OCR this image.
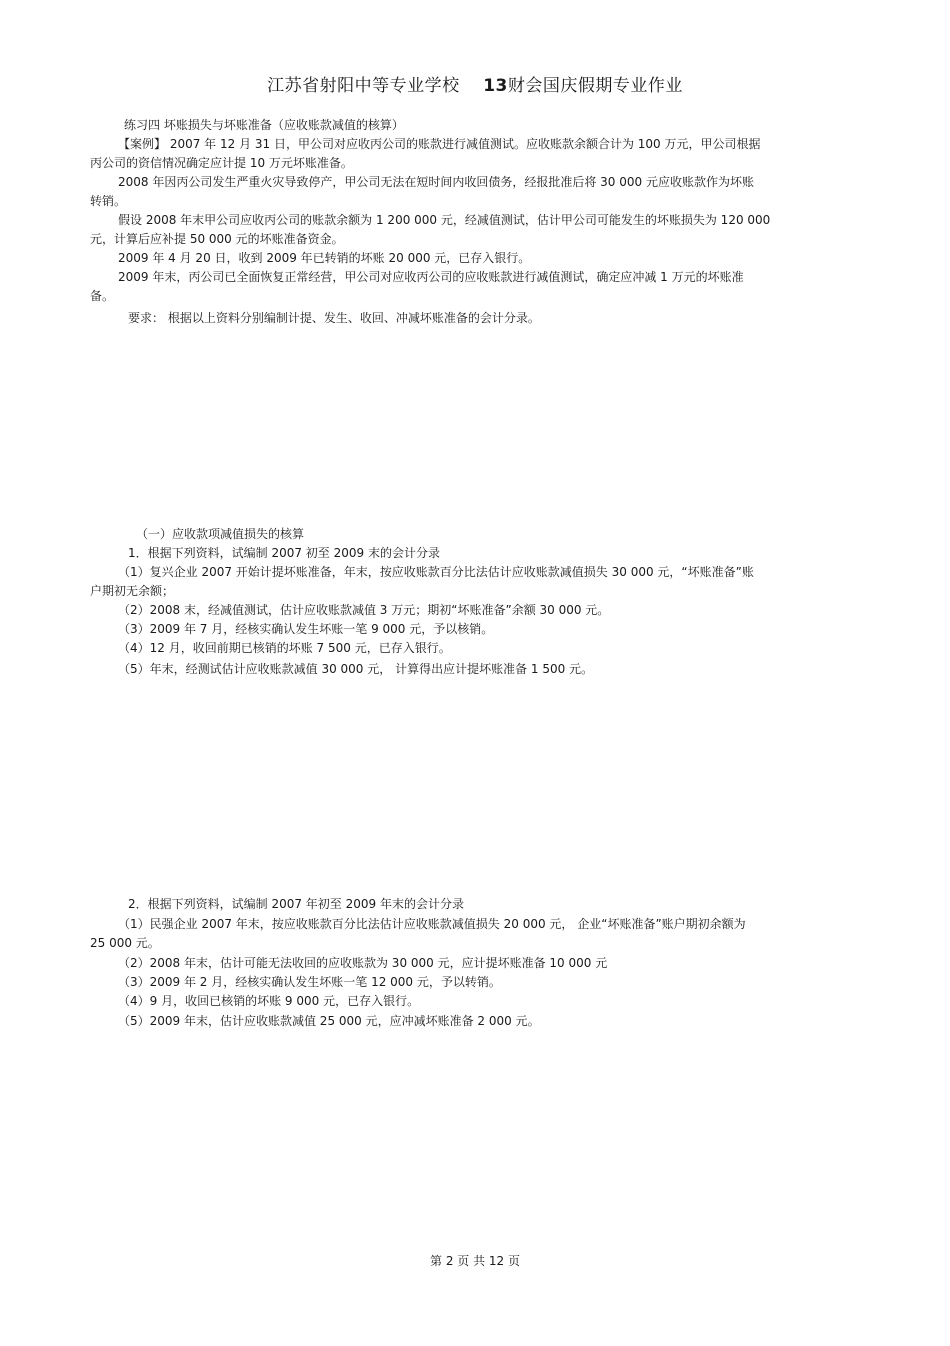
江苏省射阳中等专业学校 13财会国庆假期专业作业
练习四 坏账损失与坏账准备（应收账款减值的核算）
【案例】 2007 年 12 月 31 日，甲公司对应收丙公司的账款进行减值测试。应收账款余额合计为 100 万元，甲公司根据
丙公司的资信情况确定应计提 10 万元坏账准备。
2008 年因丙公司发生严重火灾导致停产，甲公司无法在短时间内收回债务，经报批准后将 30 000 元应收账款作为坏账
转销。
假设 2008 年末甲公司应收丙公司的账款余额为 1 200 000 元，经减值测试，估计甲公司可能发生的坏账损失为 120 000
元，计算后应补提 50 000 元的坏账准备资金。
2009 年 4 月 20 日，收到 2009 年已转销的坏账 20 000 元，已存入银行。
2009 年末，丙公司已全面恢复正常经营，甲公司对应收丙公司的应收账款进行减值测试，确定应冲减 1 万元的坏账准
备。
要求： 根据以上资料分别编制计提、发生、收回、冲减坏账准备的会计分录。
（一）应收款项减值损失的核算
1．根据下列资料，试编制 2007 初至 2009 末的会计分录
（1）复兴企业 2007 开始计提坏账准备，年末，按应收账款百分比法估计应收账款减值损失 30 000 元，“坏账准备”账
户期初无余额；
（2）2008 末，经减值测试，估计应收账款减值 3 万元；期初“坏账准备”余额 30 000 元。
（3）2009 年 7 月，经核实确认发生坏账一笔 9 000 元，予以核销。
（4）12 月，收回前期已核销的坏账 7 500 元，已存入银行。
（5）年末，经测试估计应收账款减值 30 000 元， 计算得出应计提坏账准备 1 500 元。
2．根据下列资料，试编制 2007 年初至 2009 年末的会计分录
（1）民强企业 2007 年末，按应收账款百分比法估计应收账款减值损失 20 000 元， 企业“坏账准备”账户期初余额为
25 000 元。
（2）2008 年末，估计可能无法收回的应收账款为 30 000 元，应计提坏账准备 10 000 元
（3）2009 年 2 月，经核实确认发生坏账一笔 12 000 元，予以转销。
（4）9 月，收回已核销的坏账 9 000 元，已存入银行。
（5）2009 年末，估计应收账款减值 25 000 元，应冲减坏账准备 2 000 元。
第 2 页 共 12 页
